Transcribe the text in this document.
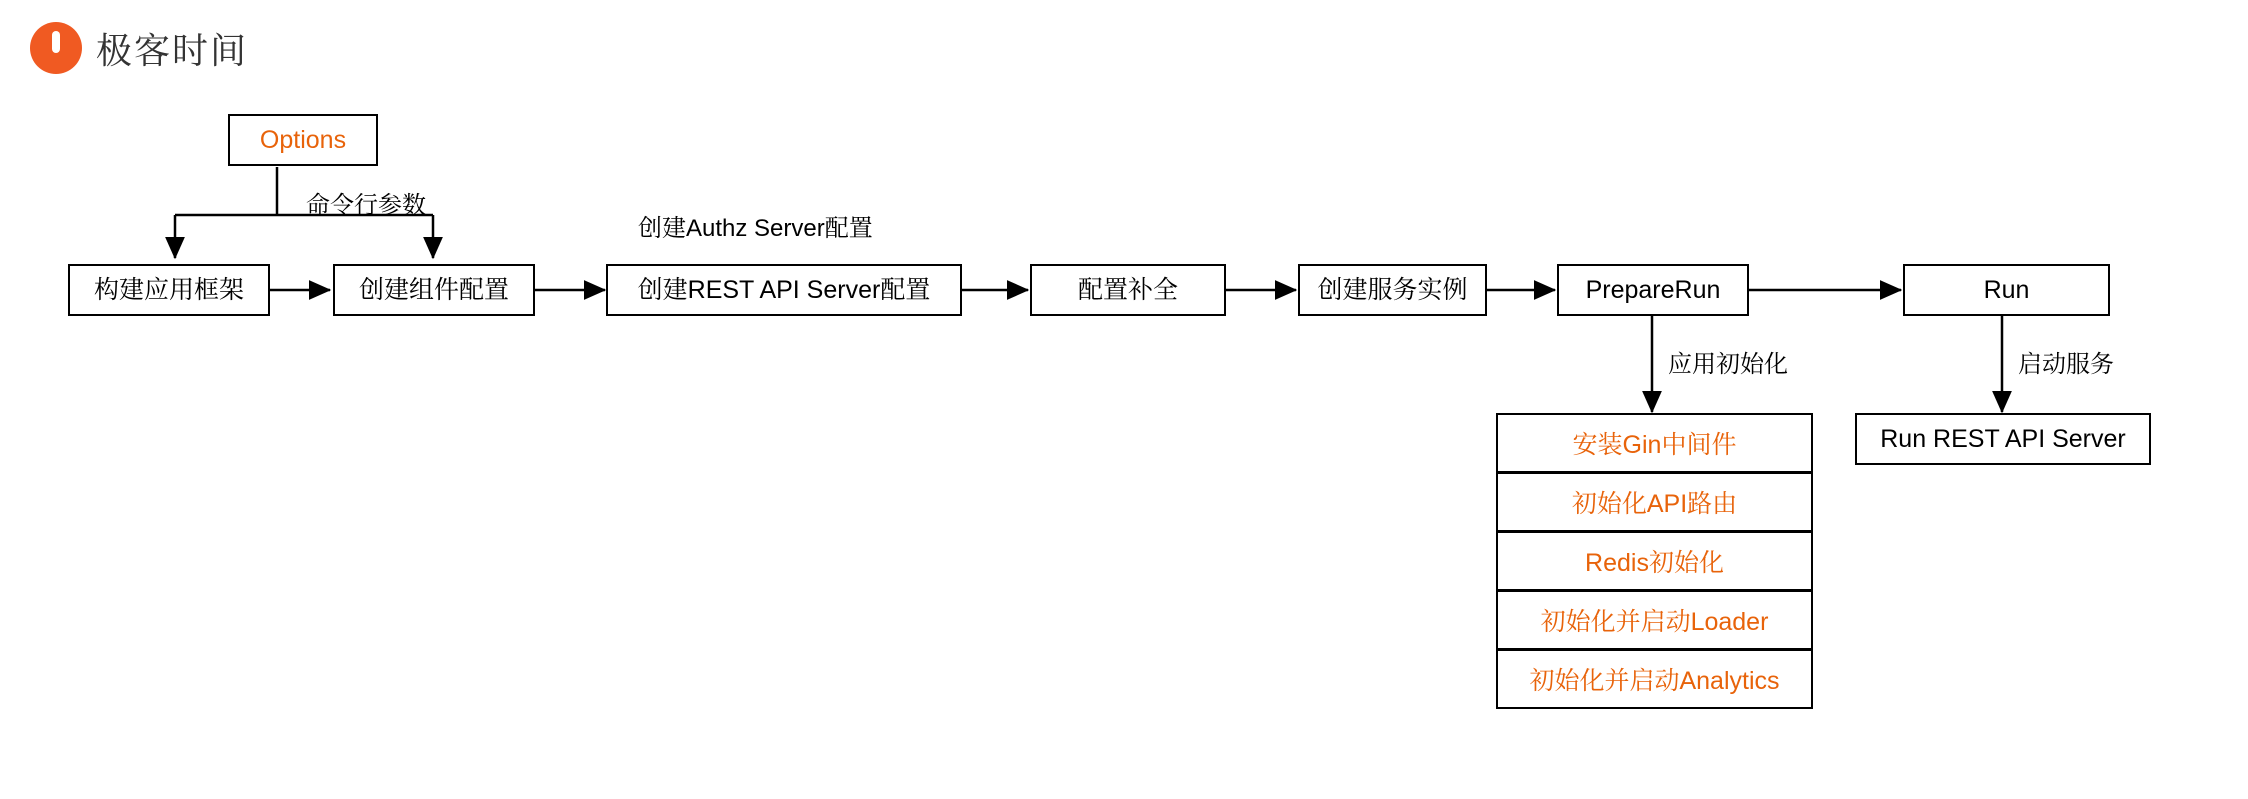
极客时间
Options
构建应用框架	创建组件配置	创建REST API Server配置	配置补全	创建服务实例	PrepareRun	Run
Run REST API Server
安装Gin中间件
初始化API路由
Redis初始化
初始化并启动Loader
初始化并启动Analytics
命令行参数
创建Authz Server配置
应用初始化	启动服务
